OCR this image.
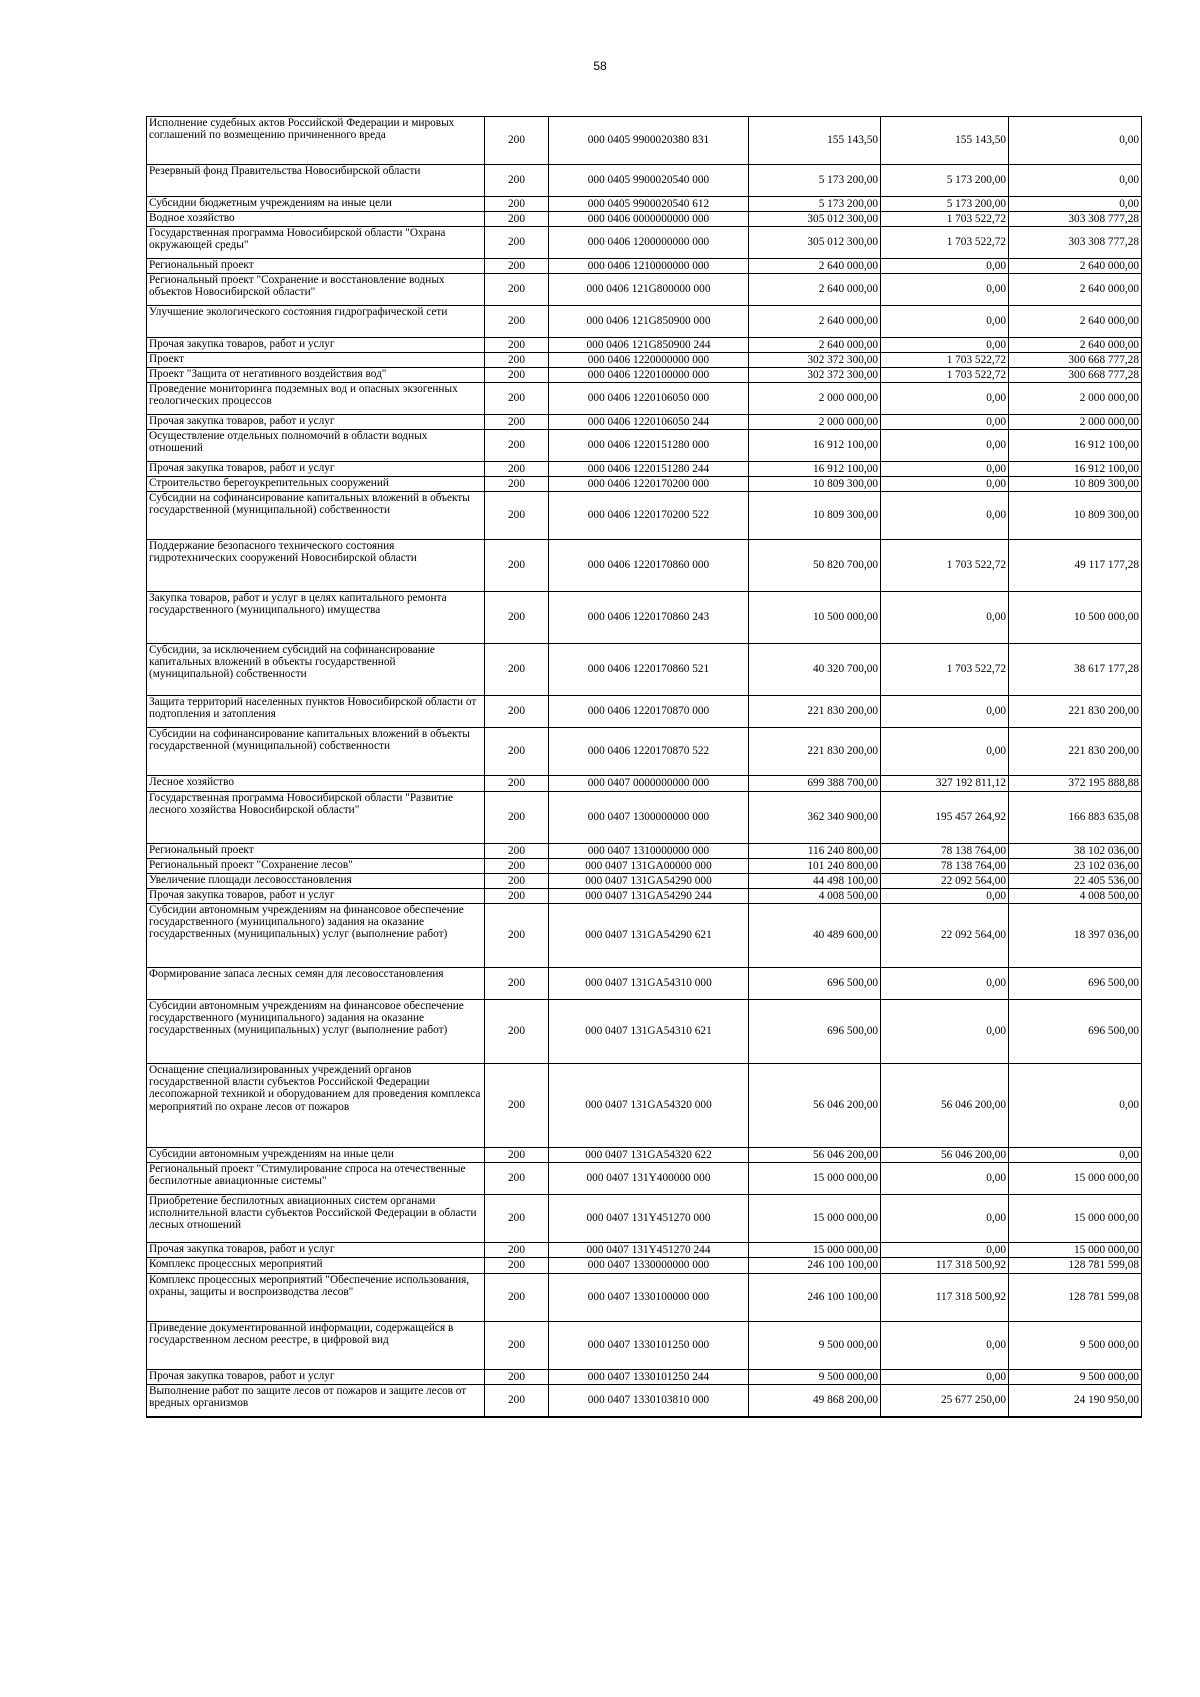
58
Исполнение судебных актов Российской Федерации и мировых соглашений по возмещению причиненного вреда	200	000 0405 9900020380 831	155 143,50	155 143,50	0,00
Резервный фонд Правительства Новосибирской области	200	000 0405 9900020540 000	5 173 200,00	5 173 200,00	0,00
Субсидии бюджетным учреждениям на иные цели	200	000 0405 9900020540 612	5 173 200,00	5 173 200,00	0,00
Водное хозяйство	200	000 0406 0000000000 000	305 012 300,00	1 703 522,72	303 308 777,28
Государственная программа Новосибирской области "Охрана окружающей среды"	200	000 0406 1200000000 000	305 012 300,00	1 703 522,72	303 308 777,28
Региональный проект	200	000 0406 1210000000 000	2 640 000,00	0,00	2 640 000,00
Региональный проект "Сохранение и восстановление водных объектов Новосибирской области"	200	000 0406 121G800000 000	2 640 000,00	0,00	2 640 000,00
Улучшение экологического состояния гидрографической сети	200	000 0406 121G850900 000	2 640 000,00	0,00	2 640 000,00
Прочая закупка товаров, работ и услуг	200	000 0406 121G850900 244	2 640 000,00	0,00	2 640 000,00
Проект	200	000 0406 1220000000 000	302 372 300,00	1 703 522,72	300 668 777,28
Проект "Защита от негативного воздействия вод"	200	000 0406 1220100000 000	302 372 300,00	1 703 522,72	300 668 777,28
Проведение мониторинга подземных вод и опасных экзогенных геологических процессов	200	000 0406 1220106050 000	2 000 000,00	0,00	2 000 000,00
Прочая закупка товаров, работ и услуг	200	000 0406 1220106050 244	2 000 000,00	0,00	2 000 000,00
Осуществление отдельных полномочий в области водных отношений	200	000 0406 1220151280 000	16 912 100,00	0,00	16 912 100,00
Прочая закупка товаров, работ и услуг	200	000 0406 1220151280 244	16 912 100,00	0,00	16 912 100,00
Строительство берегоукрепительных сооружений	200	000 0406 1220170200 000	10 809 300,00	0,00	10 809 300,00
Субсидии на софинансирование капитальных вложений в объекты государственной (муниципальной) собственности	200	000 0406 1220170200 522	10 809 300,00	0,00	10 809 300,00
Поддержание безопасного технического состояния гидротехнических сооружений Новосибирской области	200	000 0406 1220170860 000	50 820 700,00	1 703 522,72	49 117 177,28
Закупка товаров, работ и услуг в целях капитального ремонта государственного (муниципального) имущества	200	000 0406 1220170860 243	10 500 000,00	0,00	10 500 000,00
Субсидии, за исключением субсидий на софинансирование капитальных вложений в объекты государственной (муниципальной) собственности	200	000 0406 1220170860 521	40 320 700,00	1 703 522,72	38 617 177,28
Защита территорий населенных пунктов Новосибирской области от подтопления и затопления	200	000 0406 1220170870 000	221 830 200,00	0,00	221 830 200,00
Субсидии на софинансирование капитальных вложений в объекты государственной (муниципальной) собственности	200	000 0406 1220170870 522	221 830 200,00	0,00	221 830 200,00
Лесное хозяйство	200	000 0407 0000000000 000	699 388 700,00	327 192 811,12	372 195 888,88
Государственная программа Новосибирской области "Развитие лесного хозяйства Новосибирской области"	200	000 0407 1300000000 000	362 340 900,00	195 457 264,92	166 883 635,08
Региональный проект	200	000 0407 1310000000 000	116 240 800,00	78 138 764,00	38 102 036,00
Региональный проект "Сохранение лесов"	200	000 0407 131GA00000 000	101 240 800,00	78 138 764,00	23 102 036,00
Увеличение площади лесовосстановления	200	000 0407 131GA54290 000	44 498 100,00	22 092 564,00	22 405 536,00
Прочая закупка товаров, работ и услуг	200	000 0407 131GA54290 244	4 008 500,00	0,00	4 008 500,00
Субсидии автономным учреждениям на финансовое обеспечение государственного (муниципального) задания на оказание государственных (муниципальных) услуг (выполнение работ)	200	000 0407 131GA54290 621	40 489 600,00	22 092 564,00	18 397 036,00
Формирование запаса лесных семян для лесовосстановления	200	000 0407 131GA54310 000	696 500,00	0,00	696 500,00
Субсидии автономным учреждениям на финансовое обеспечение государственного (муниципального) задания на оказание государственных (муниципальных) услуг (выполнение работ)	200	000 0407 131GA54310 621	696 500,00	0,00	696 500,00
Оснащение специализированных учреждений органов государственной власти субъектов Российской Федерации лесопожарной техникой и оборудованием для проведения комплекса мероприятий по охране лесов от пожаров	200	000 0407 131GA54320 000	56 046 200,00	56 046 200,00	0,00
Субсидии автономным учреждениям на иные цели	200	000 0407 131GA54320 622	56 046 200,00	56 046 200,00	0,00
Региональный проект "Стимулирование спроса на отечественные беспилотные авиационные системы"	200	000 0407 131Y400000 000	15 000 000,00	0,00	15 000 000,00
Приобретение беспилотных авиационных систем органами исполнительной власти субъектов Российской Федерации в области лесных отношений	200	000 0407 131Y451270 000	15 000 000,00	0,00	15 000 000,00
Прочая закупка товаров, работ и услуг	200	000 0407 131Y451270 244	15 000 000,00	0,00	15 000 000,00
Комплекс процессных мероприятий	200	000 0407 1330000000 000	246 100 100,00	117 318 500,92	128 781 599,08
Комплекс процессных мероприятий "Обеспечение использования, охраны, защиты и воспроизводства лесов"	200	000 0407 1330100000 000	246 100 100,00	117 318 500,92	128 781 599,08
Приведение документированной информации, содержащейся в государственном лесном реестре, в цифровой вид	200	000 0407 1330101250 000	9 500 000,00	0,00	9 500 000,00
Прочая закупка товаров, работ и услуг	200	000 0407 1330101250 244	9 500 000,00	0,00	9 500 000,00
Выполнение работ по защите лесов от пожаров и защите лесов от вредных организмов	200	000 0407 1330103810 000	49 868 200,00	25 677 250,00	24 190 950,00
